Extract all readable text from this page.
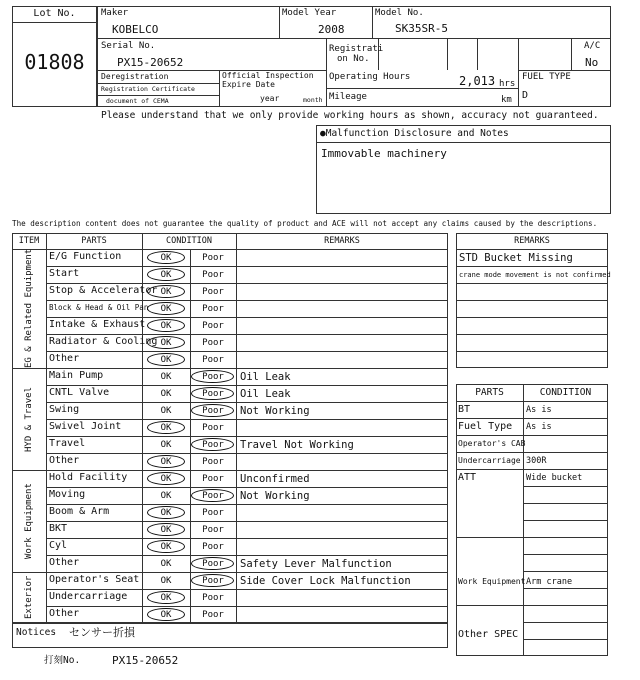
Lot No.
01808
Maker
KOBELCO
Model Year
2008
Model No.
SK35SR-5
Serial No.
PX15-20652
Registrati
on No.
A/C
No
Deregistration
Registration Certificate
document of CEMA
Official Inspection
Expire Date
year	month
Operating Hours	2,013 hrs
Mileage	km
FUEL TYPE
D
Please understand that we only provide working hours as shown, accuracy not guaranteed.
●Malfunction Disclosure and Notes
Immovable machinery
The description content does not guarantee the quality of product and ACE will not accept any claims caused by the descriptions.
ITEM	PARTS	CONDITION	REMARKS
EG & Related Equipment	E/G Function	OK	Poor
Start	OK	Poor
Stop & Accelerator OK	Poor
Block & Head & Oil Pan	OK	Poor
Intake & Exhaust	OK	Poor
Radiator & Cooling OK	Poor
Other	OK	Poor
HYD & Travel
Main Pump	OK	Poor	Oil Leak
CNTL Valve	OK	Poor	Oil Leak
Swing	OK	Poor	Not Working
Swivel Joint	OK	Poor
Travel	OK	Poor	Travel Not Working
Other	OK	Poor
Work Equipment
Hold Facility	OK	Poor	Unconfirmed
Moving	OK	Poor	Not Working
Boom & Arm	OK	Poor
BKT	OK	Poor
Cyl	OK	Poor
Other	OK	Poor	Safety Lever Malfunction
Exterior	Operator's Seat	OK	Poor	Side Cover Lock Malfunction
Undercarriage	OK	Poor
Other	OK	Poor
Notices センサー折損
REMARKS
STD Bucket Missing
crane mode movement is not confirmed
PARTS	CONDITION
BT	As is
Fuel Type As is
Operator's CAB
Undercarriage 300R
ATT	Wide bucket
Work Equipment Arm crane
Other SPEC
打刻No.	PX15-20652
